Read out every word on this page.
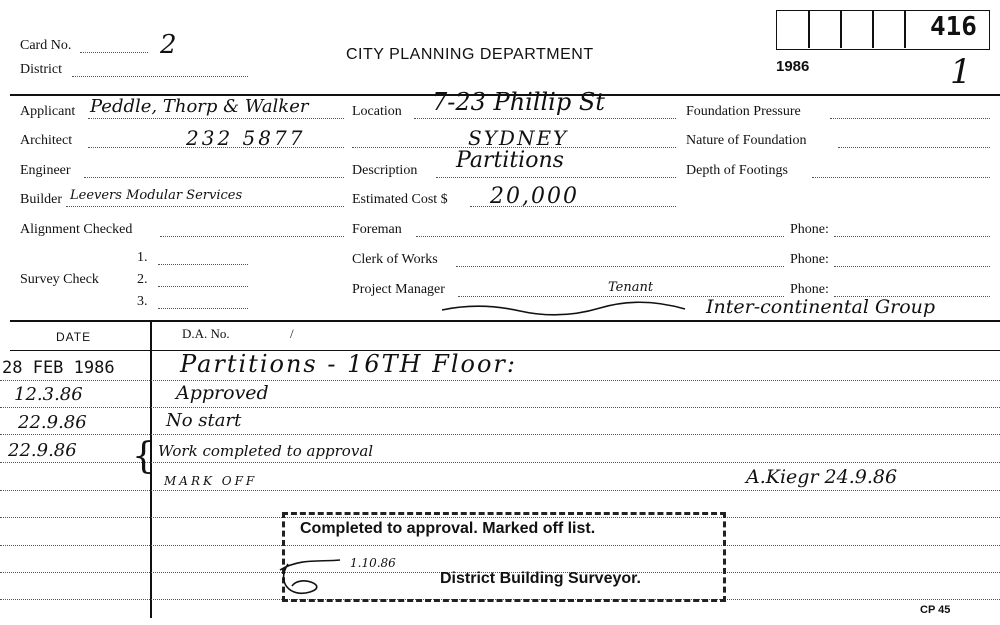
Card No.	2
District
CITY PLANNING DEPARTMENT
1986
416
1
Applicant Peddle, Thorp & Walker
Architect	232 5877
Engineer
Builder Leevers Modular Services
Alignment Checked
Survey Check
1.
2.
3.
Location 7-23 Phillip St
SYDNEY
Description Partitions
Estimated Cost $ 20,000
Foreman
Clerk of Works
Project Manager	Tenant
Inter-continental Group
Foundation Pressure
Nature of Foundation
Depth of Footings
Phone:
Phone:
Phone:
DATE	D.A. No.	/
28 FEB 1986	Partitions - 16TH Floor:
12.3.86	Approved
22.9.86	No start
22.9.86 { Work completed to approval
MARK OFF	A.Kiegr 24.9.86
Completed to approval. Marked off list.
District Building Surveyor.
1.10.86
CP 45
